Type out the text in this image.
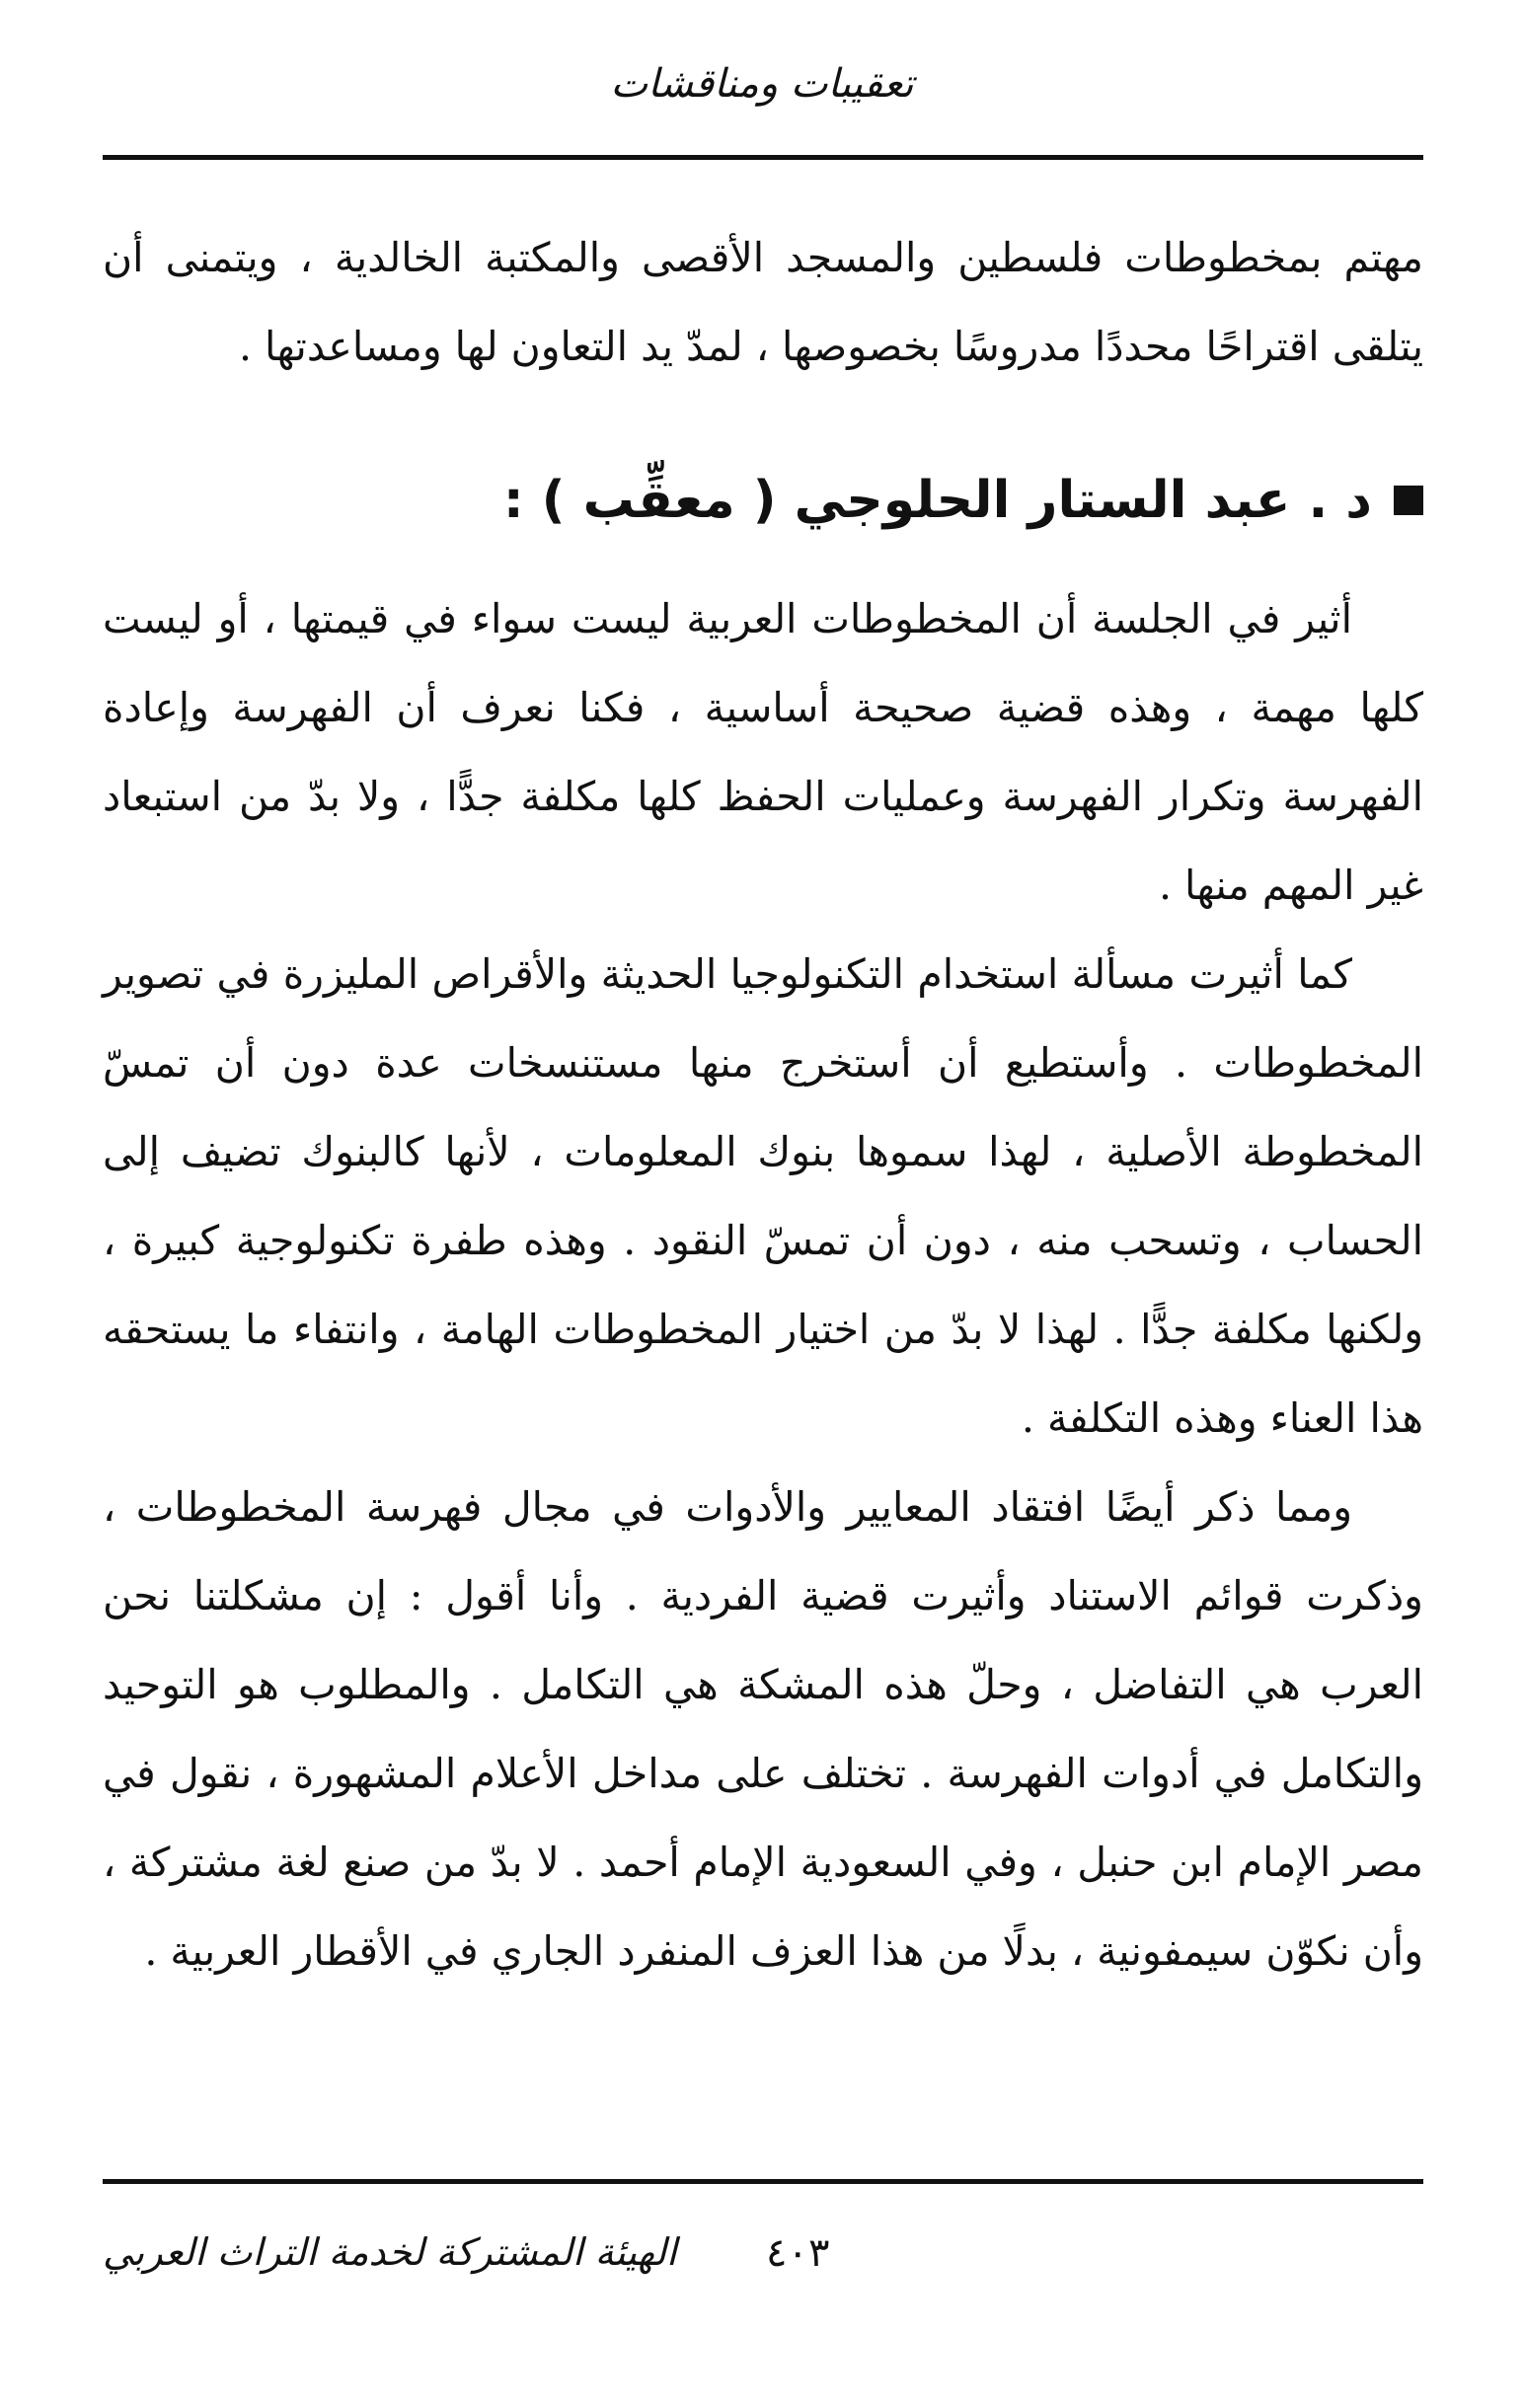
تعقيبات ومناقشات

مهتم بمخطوطات فلسطين والمسجد الأقصى والمكتبة الخالدية ، ويتمنى أن يتلقى اقتراحًا محددًا مدروسًا بخصوصها ، لمدّ يد التعاون لها ومساعدتها .

د . عبد الستار الحلوجي ( معقِّب ) :

أثير في الجلسة أن المخطوطات العربية ليست سواء في قيمتها ، أو ليست كلها مهمة ، وهذه قضية صحيحة أساسية ، فكنا نعرف أن الفهرسة وإعادة الفهرسة وتكرار الفهرسة وعمليات الحفظ كلها مكلفة جدًّا ، ولا بدّ من استبعاد غير المهم منها .

كما أثيرت مسألة استخدام التكنولوجيا الحديثة والأقراص المليزرة في تصوير المخطوطات . وأستطيع أن أستخرج منها مستنسخات عدة دون أن تمسّ المخطوطة الأصلية ، لهذا سموها بنوك المعلومات ، لأنها كالبنوك تضيف إلى الحساب ، وتسحب منه ، دون أن تمسّ النقود . وهذه طفرة تكنولوجية كبيرة ، ولكنها مكلفة جدًّا . لهذا لا بدّ من اختيار المخطوطات الهامة ، وانتفاء ما يستحقه هذا العناء وهذه التكلفة .

ومما ذكر أيضًا افتقاد المعايير والأدوات في مجال فهرسة المخطوطات ، وذكرت قوائم الاستناد وأثيرت قضية الفردية . وأنا أقول : إن مشكلتنا نحن العرب هي التفاضل ، وحلّ هذه المشكة هي التكامل . والمطلوب هو التوحيد والتكامل في أدوات الفهرسة . تختلف على مداخل الأعلام المشهورة ، نقول في مصر الإمام ابن حنبل ، وفي السعودية الإمام أحمد . لا بدّ من صنع لغة مشتركة ، وأن نكوّن سيمفونية ، بدلًا من هذا العزف المنفرد الجاري في الأقطار العربية .

٤٠٣
الهيئة المشتركة لخدمة التراث العربي
